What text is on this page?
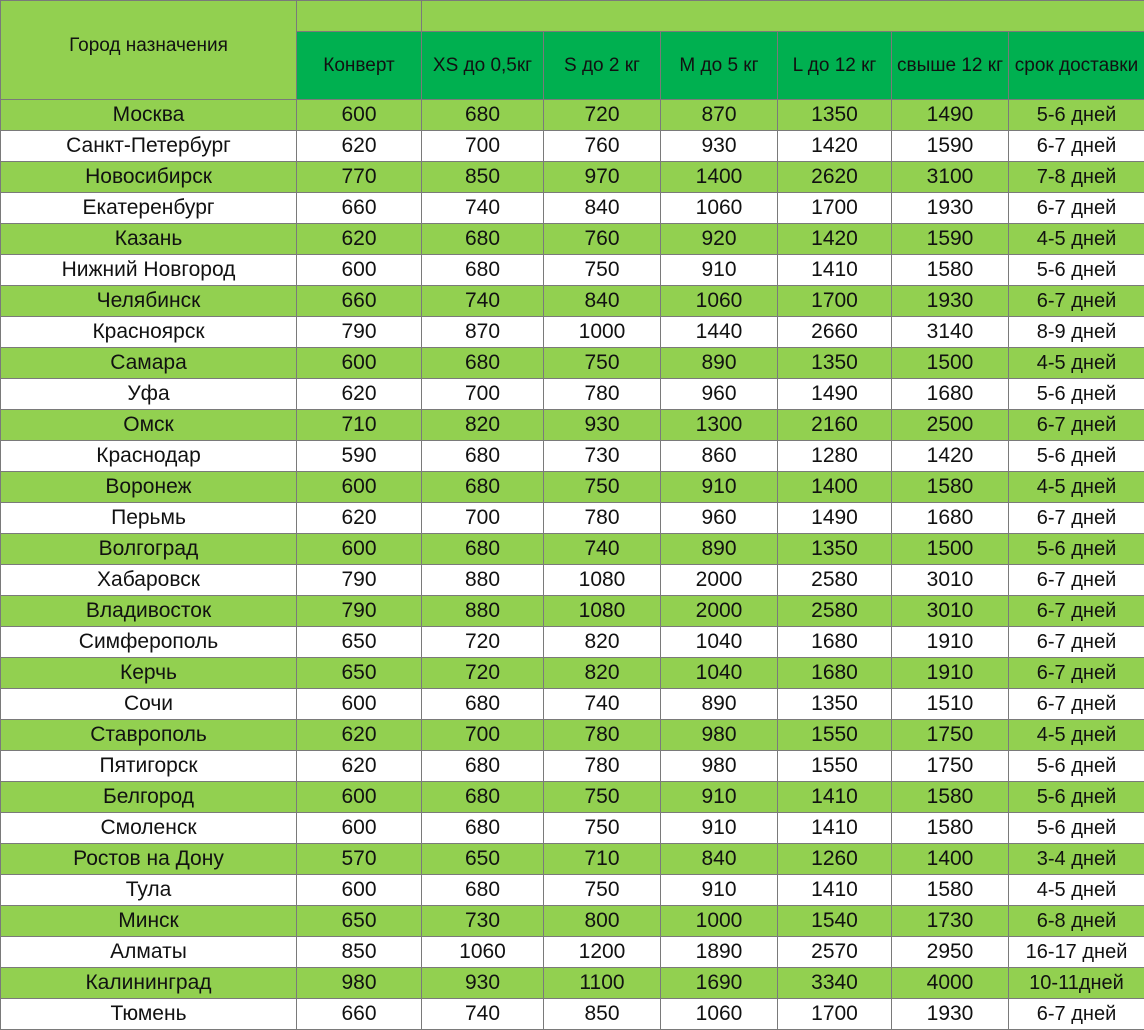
Город назначения							
	Конверт	XS до 0,5кг	S до 2 кг	M до 5 кг	L до 12 кг	свыше 12 кг	срок доставки
Москва	600	680	720	870	1350	1490	5-6 дней
Санкт-Петербург	620	700	760	930	1420	1590	6-7 дней
Новосибирск	770	850	970	1400	2620	3100	7-8 дней
Екатеренбург	660	740	840	1060	1700	1930	6-7 дней
Казань	620	680	760	920	1420	1590	4-5 дней
Нижний Новгород	600	680	750	910	1410	1580	5-6 дней
Челябинск	660	740	840	1060	1700	1930	6-7 дней
Красноярск	790	870	1000	1440	2660	3140	8-9 дней
Самара	600	680	750	890	1350	1500	4-5 дней
Уфа	620	700	780	960	1490	1680	5-6 дней
Омск	710	820	930	1300	2160	2500	6-7 дней
Краснодар	590	680	730	860	1280	1420	5-6 дней
Воронеж	600	680	750	910	1400	1580	4-5 дней
Перьмь	620	700	780	960	1490	1680	6-7 дней
Волгоград	600	680	740	890	1350	1500	5-6 дней
Хабаровск	790	880	1080	2000	2580	3010	6-7 дней
Владивосток	790	880	1080	2000	2580	3010	6-7 дней
Симферополь	650	720	820	1040	1680	1910	6-7 дней
Керчь	650	720	820	1040	1680	1910	6-7 дней
Сочи	600	680	740	890	1350	1510	6-7 дней
Ставрополь	620	700	780	980	1550	1750	4-5 дней
Пятигорск	620	680	780	980	1550	1750	5-6 дней
Белгород	600	680	750	910	1410	1580	5-6 дней
Смоленск	600	680	750	910	1410	1580	5-6 дней
Ростов на Дону	570	650	710	840	1260	1400	3-4 дней
Тула	600	680	750	910	1410	1580	4-5 дней
Минск	650	730	800	1000	1540	1730	6-8 дней
Алматы	850	1060	1200	1890	2570	2950	16-17 дней
Калининград	980	930	1100	1690	3340	4000	10-11дней
Тюмень	660	740	850	1060	1700	1930	6-7 дней
